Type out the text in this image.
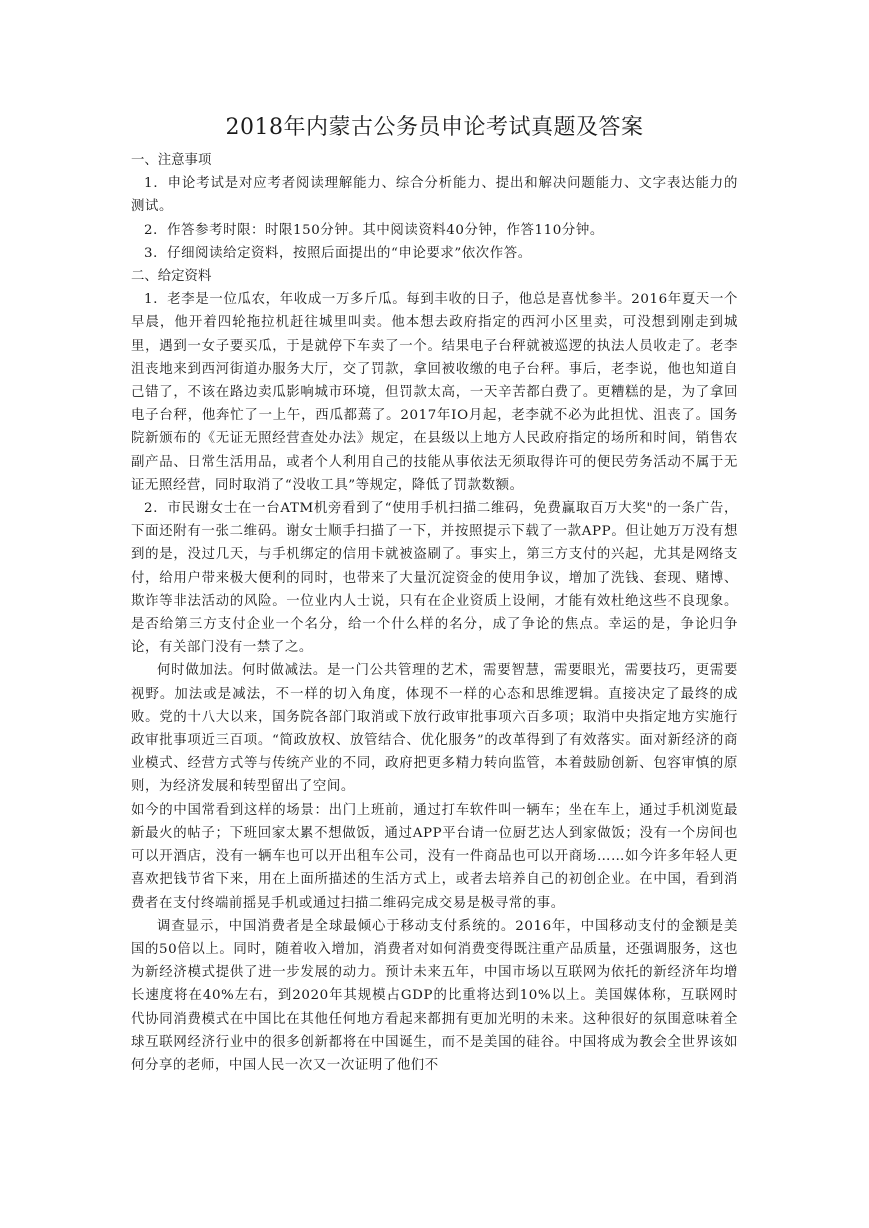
2018年内蒙古公务员申论考试真题及答案
一、注意事项

1．申论考试是对应考者阅读理解能力、综合分析能力、提出和解决问题能力、文字表达能力的测试。

2．作答参考时限：时限150分钟。其中阅读资料40分钟，作答110分钟。

3．仔细阅读给定资料，按照后面提出的“申论要求”依次作答。

二、给定资料

1．老李是一位瓜农，年收成一万多斤瓜。每到丰收的日子，他总是喜忧参半。2016年夏天一个早晨，他开着四轮拖拉机赶往城里叫卖。他本想去政府指定的西河小区里卖，可没想到刚走到城里，遇到一女子要买瓜，于是就停下车卖了一个。结果电子台秤就被巡逻的执法人员收走了。老李沮丧地来到西河街道办服务大厅，交了罚款，拿回被收缴的电子台秤。事后，老李说，他也知道自己错了，不该在路边卖瓜影响城市环境，但罚款太高，一天辛苦都白费了。更糟糕的是，为了拿回电子台秤，他奔忙了一上午，西瓜都蔫了。2017年IO月起，老李就不必为此担忧、沮丧了。国务院新颁布的《无证无照经营查处办法》规定，在县级以上地方人民政府指定的场所和时间，销售农副产品、日常生活用品，或者个人利用自己的技能从事依法无须取得许可的便民劳务活动不属于无证无照经营，同时取消了“没收工具”等规定，降低了罚款数额。

2．市民谢女士在一台ATM机旁看到了“使用手机扫描二维码，免费赢取百万大奖"的一条广告，下面还附有一张二维码。谢女士顺手扫描了一下，并按照提示下载了一款APP。但让她万万没有想到的是，没过几天，与手机绑定的信用卡就被盗刷了。事实上，第三方支付的兴起，尤其是网络支付，给用户带来极大便利的同时，也带来了大量沉淀资金的使用争议，增加了洗钱、套现、赌博、欺诈等非法活动的风险。一位业内人士说，只有在企业资质上设闸，才能有效杜绝这些不良现象。是否给第三方支付企业一个名分，给一个什么样的名分，成了争论的焦点。幸运的是，争论归争论，有关部门没有一禁了之。

何时做加法。何时做减法。是一门公共管理的艺术，需要智慧，需要眼光，需要技巧，更需要视野。加法或是减法，不一样的切入角度，体现不一样的心态和思维逻辑。直接决定了最终的成败。党的十八大以来，国务院各部门取消或下放行政审批事项六百多项；取消中央指定地方实施行政审批事项近三百项。“简政放权、放管结合、优化服务”的改革得到了有效落实。面对新经济的商业模式、经营方式等与传统产业的不同，政府把更多精力转向监管，本着鼓励创新、包容审慎的原则，为经济发展和转型留出了空间。

如今的中国常看到这样的场景：出门上班前，通过打车软件叫一辆车；坐在车上，通过手机浏览最新最火的帖子；下班回家太累不想做饭，通过APP平台请一位厨艺达人到家做饭；没有一个房间也可以开酒店，没有一辆车也可以开出租车公司，没有一件商品也可以开商场……如今许多年轻人更喜欢把钱节省下来，用在上面所描述的生活方式上，或者去培养自己的初创企业。在中国，看到消费者在支付终端前摇晃手机或通过扫描二维码完成交易是极寻常的事。

调查显示，中国消费者是全球最倾心于移动支付系统的。2016年，中国移动支付的金额是美国的50倍以上。同时，随着收入增加，消费者对如何消费变得既注重产品质量，还强调服务，这也为新经济模式提供了进一步发展的动力。预计未来五年，中国市场以互联网为依托的新经济年均增长速度将在40%左右，到2020年其规模占GDP的比重将达到10%以上。美国媒体称，互联网时代协同消费模式在中国比在其他任何地方看起来都拥有更加光明的未来。这种很好的氛围意味着全球互联网经济行业中的很多创新都将在中国诞生，而不是美国的硅谷。中国将成为教会全世界该如何分享的老师，中国人民一次又一次证明了他们不
